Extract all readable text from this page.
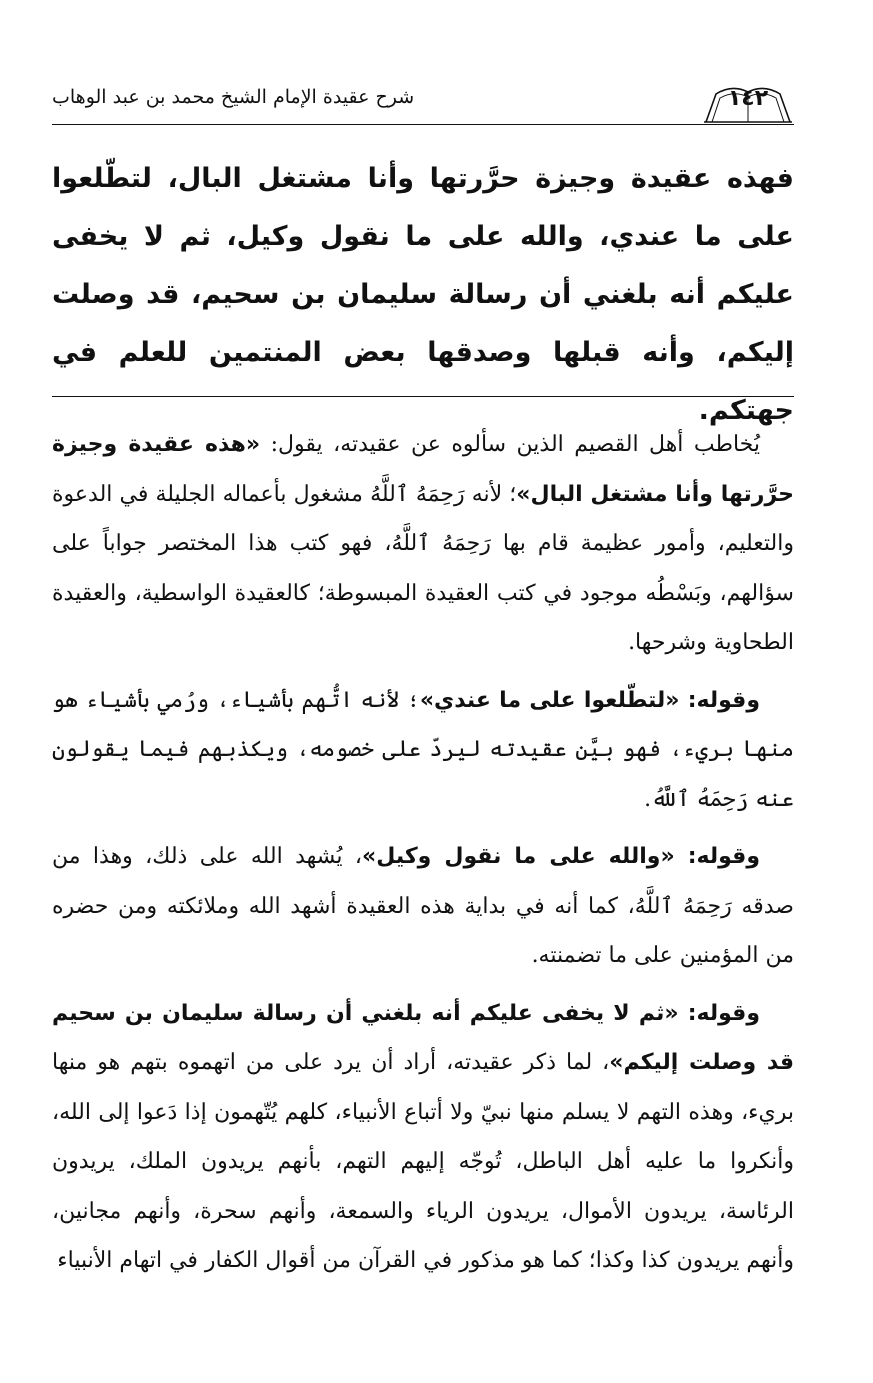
١٤٢
شرح عقيدة الإمام الشيخ محمد بن عبد الوهاب
فهذه عقيدة وجيزة حرَّرتها وأنا مشتغل البال، لتطّلعوا على ما عندي، والله على ما نقول وكيل، ثم لا يخفى عليكم أنه بلغني أن رسالة سليمان بن سحيم، قد وصلت إليكم، وأنه قبلها وصدقها بعض المنتمين للعلم في جهتكم.

يُخاطب أهل القصيم الذين سألوه عن عقيدته، يقول: «هذه عقيدة وجيزة حرَّرتها وأنا مشتغل البال»؛ لأنه رَحِمَهُ ٱللَّهُ مشغول بأعماله الجليلة في الدعوة والتعليم، وأمور عظيمة قام بها رَحِمَهُ ٱللَّهُ، فهو كتب هذا المختصر جواباً على سؤالهم، وبَسْطُه موجود في كتب العقيدة المبسوطة؛ كالعقيدة الواسطية، والعقيدة الطحاوية وشرحها.

وقوله: «لتطّلعوا على ما عندي»؛ لأنه اتُّهم بأشياء، ورُمي بأشياء هو منها بريء، فهو بيَّن عقيدته ليردّ على خصومه، ويكذبهم فيما يقولون عنه رَحِمَهُ ٱللَّهُ.

وقوله: «والله على ما نقول وكيل»، يُشهد الله على ذلك، وهذا من صدقه رَحِمَهُ ٱللَّهُ، كما أنه في بداية هذه العقيدة أشهد الله وملائكته ومن حضره من المؤمنين على ما تضمنته.

وقوله: «ثم لا يخفى عليكم أنه بلغني أن رسالة سليمان بن سحيم قد وصلت إليكم»، لما ذكر عقيدته، أراد أن يرد على من اتهموه بتهم هو منها بريء، وهذه التهم لا يسلم منها نبيّ ولا أتباع الأنبياء، كلهم يُتّهمون إذا دَعوا إلى الله، وأنكروا ما عليه أهل الباطل، تُوجّه إليهم التهم، بأنهم يريدون الملك، يريدون الرئاسة، يريدون الأموال، يريدون الرياء والسمعة، وأنهم سحرة، وأنهم مجانين، وأنهم يريدون كذا وكذا؛ كما هو مذكور في القرآن من أقوال الكفار في اتهام الأنبياء
